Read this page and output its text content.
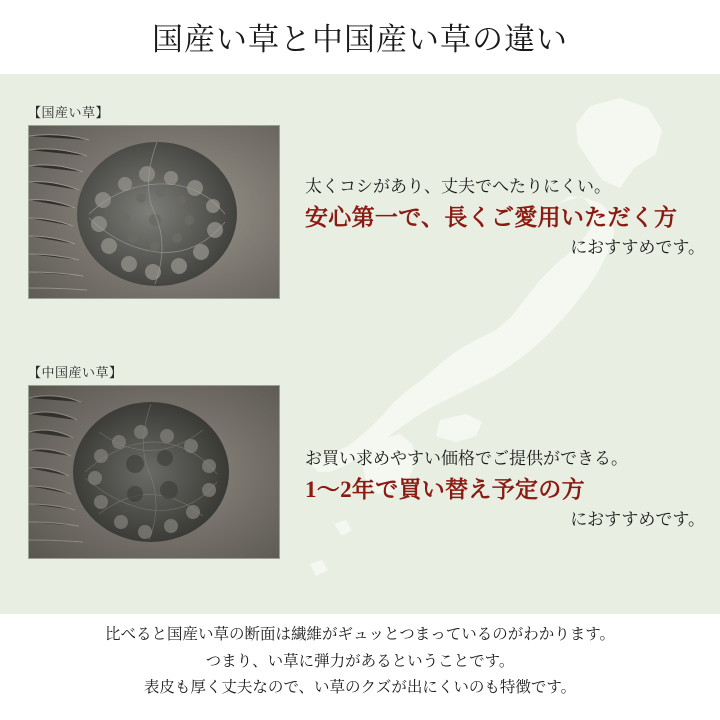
国産い草と中国産い草の違い
【国産い草】
【中国産い草】

太くコシがあり、丈夫でへたりにくい。

安心第一で、長くご愛用いただく方

におすすめです。

お買い求めやすい価格でご提供ができる。

1〜2年で買い替え予定の方

におすすめです。

比べると国産い草の断面は繊維がギュッとつまっているのがわかります。

つまり、い草に弾力があるということです。

表皮も厚く丈夫なので、い草のクズが出にくいのも特徴です。
